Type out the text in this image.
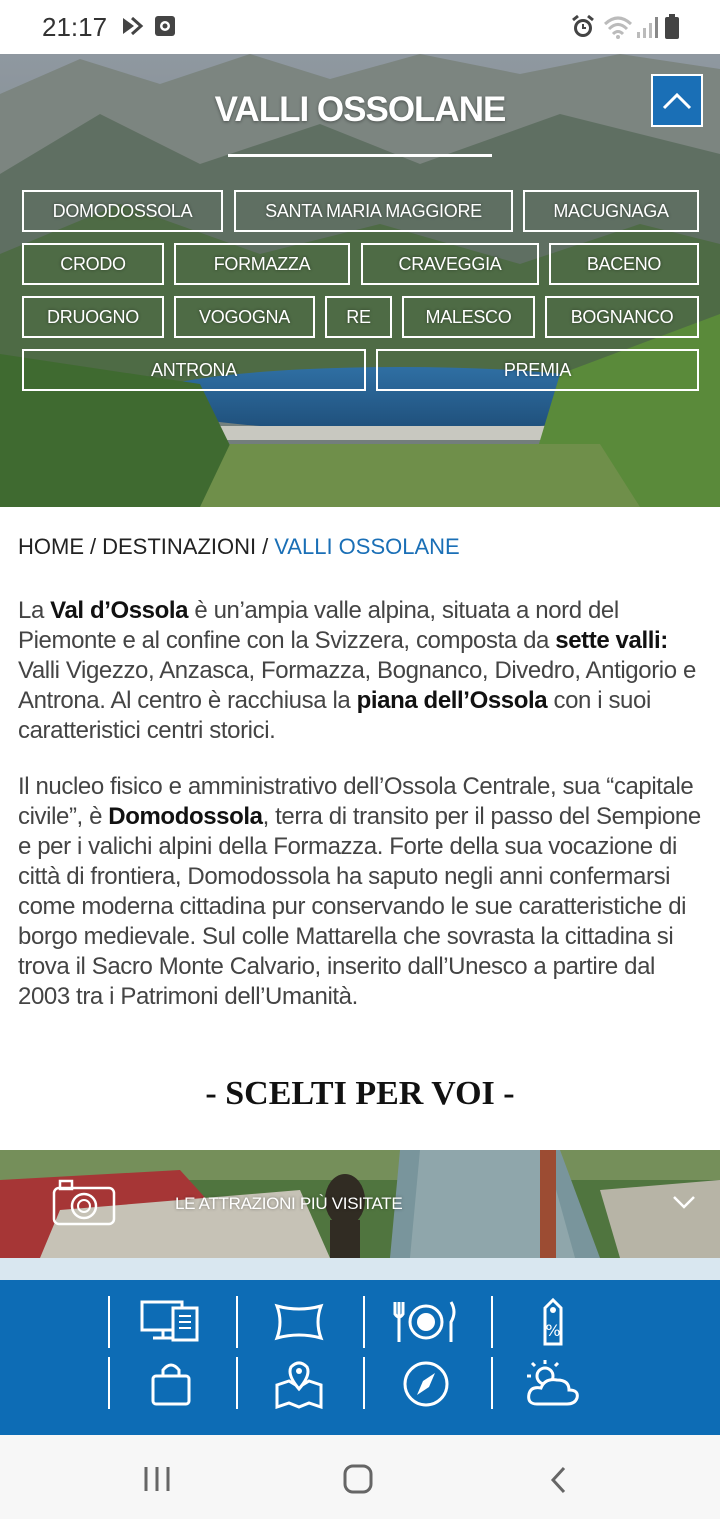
21:17
VALLI OSSOLANE
DOMODOSSOLA	SANTA MARIA MAGGIORE	MACUGNAGA
CRODO	FORMAZZA	CRAVEGGIA	BACENO
DRUOGNO	VOGOGNA	RE	MALESCO	BOGNANCO
ANTRONA	PREMIA
HOME / DESTINAZIONI / VALLI OSSOLANE
La Val d’Ossola è un’ampia valle alpina, situata a nord del Piemonte e al confine con la Svizzera, composta da sette valli: Valli Vigezzo, Anzasca, Formazza, Bognanco, Divedro, Antigorio e Antrona. Al centro è racchiusa la piana dell’Ossola con i suoi caratteristici centri storici.
Il nucleo fisico e amministrativo dell’Ossola Centrale, sua “capitale civile”, è Domodossola, terra di transito per il passo del Sempione e per i valichi alpini della Formazza. Forte della sua vocazione di città di frontiera, Domodossola ha saputo negli anni confermarsi come moderna cittadina pur conservando le sue caratteristiche di borgo medievale. Sul colle Mattarella che sovrasta la cittadina si trova il Sacro Monte Calvario, inserito dall’Unesco a partire dal 2003 tra i Patrimoni dell’Umanità.
- SCELTI PER VOI -
LE ATTRAZIONI PIÙ VISITATE
%
